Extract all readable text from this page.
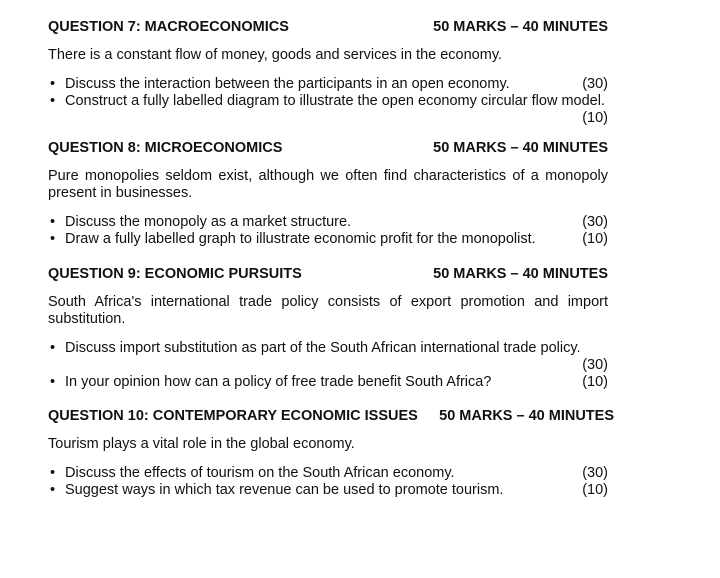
QUESTION 7: MACROECONOMICS	50 MARKS – 40 MINUTES
There is a constant flow of money, goods and services in the economy.
• Discuss the interaction between the participants in an open economy.	(30)
• Construct a fully labelled diagram to illustrate the open economy circular flow model.
(10)
QUESTION 8: MICROECONOMICS	50 MARKS – 40 MINUTES
Pure monopolies seldom exist, although we often find characteristics of a monopoly present in businesses.
• Discuss the monopoly as a market structure.	(30)
• Draw a fully labelled graph to illustrate economic profit for the monopolist.	(10)
QUESTION 9: ECONOMIC PURSUITS	50 MARKS – 40 MINUTES
South Africa's international trade policy consists of export promotion and import substitution.
• Discuss import substitution as part of the South African international trade policy.
(30)
• In your opinion how can a policy of free trade benefit South Africa?	(10)
QUESTION 10: CONTEMPORARY ECONOMIC ISSUES 50 MARKS – 40 MINUTES
Tourism plays a vital role in the global economy.
• Discuss the effects of tourism on the South African economy.	(30)
• Suggest ways in which tax revenue can be used to promote tourism.	(10)
